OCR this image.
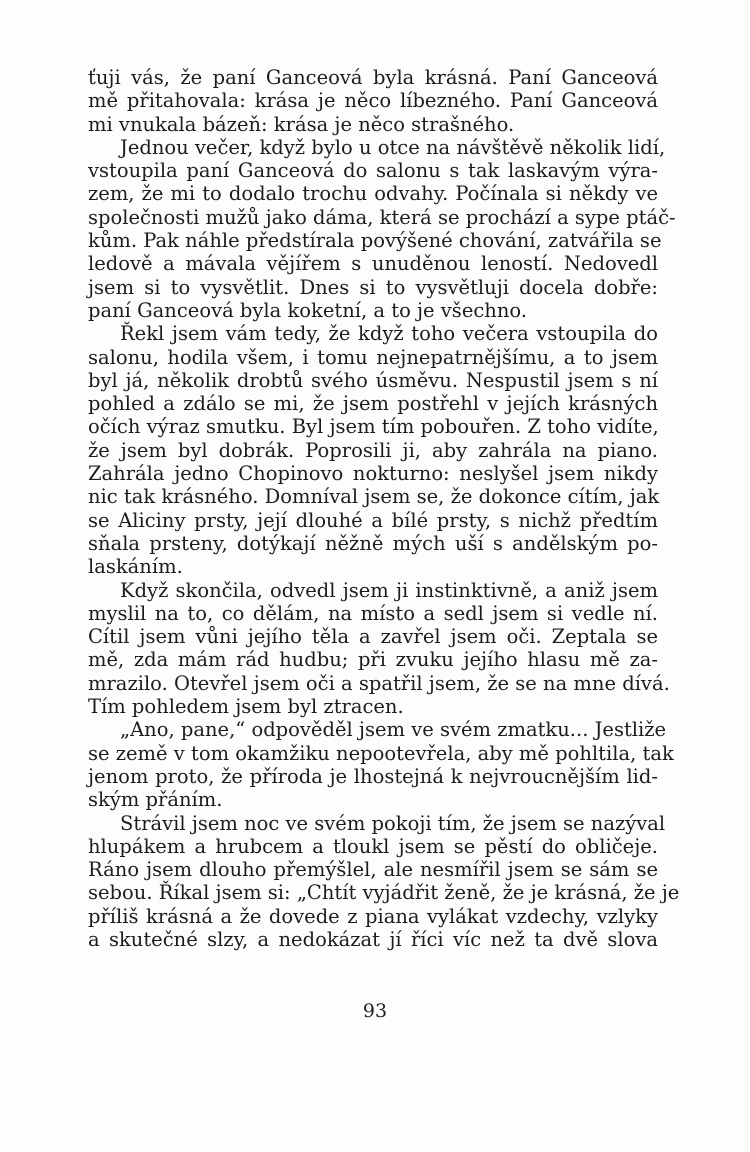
ťuji vás, že paní Ganceová byla krásná. Paní Ganceová
mě přitahovala: krása je něco líbezného. Paní Ganceová
mi vnukala bázeň: krása je něco strašného.
Jednou večer, když bylo u otce na návštěvě několik lidí,
vstoupila paní Ganceová do salonu s tak laskavým výra-
zem, že mi to dodalo trochu odvahy. Počínala si někdy ve
společnosti mužů jako dáma, která se prochází a sype ptáč-
kům. Pak náhle předstírala povýšené chování, zatvářila se
ledově a mávala vějířem s unuděnou leností. Nedovedl
jsem si to vysvětlit. Dnes si to vysvětluji docela dobře:
paní Ganceová byla koketní, a to je všechno.
Řekl jsem vám tedy, že když toho večera vstoupila do
salonu, hodila všem, i tomu nejnepatrnějšímu, a to jsem
byl já, několik drobtů svého úsměvu. Nespustil jsem s ní
pohled a zdálo se mi, že jsem postřehl v jejích krásných
očích výraz smutku. Byl jsem tím pobouřen. Z toho vidíte,
že jsem byl dobrák. Poprosili ji, aby zahrála na piano.
Zahrála jedno Chopinovo nokturno: neslyšel jsem nikdy
nic tak krásného. Domníval jsem se, že dokonce cítím, jak
se Aliciny prsty, její dlouhé a bílé prsty, s nichž předtím
sňala prsteny, dotýkají něžně mých uší s andělským po-
laskáním.
Když skončila, odvedl jsem ji instinktivně, a aniž jsem
myslil na to, co dělám, na místo a sedl jsem si vedle ní.
Cítil jsem vůni jejího těla a zavřel jsem oči. Zeptala se
mě, zda mám rád hudbu; při zvuku jejího hlasu mě za-
mrazilo. Otevřel jsem oči a spatřil jsem, že se na mne dívá.
Tím pohledem jsem byl ztracen.
„Ano, pane,“ odpověděl jsem ve svém zmatku... Jestliže
se země v tom okamžiku nepootevřela, aby mě pohltila, tak
jenom proto, že příroda je lhostejná k nejvroucnějším lid-
ským přáním.
Strávil jsem noc ve svém pokoji tím, že jsem se nazýval
hlupákem a hrubcem a tloukl jsem se pěstí do obličeje.
Ráno jsem dlouho přemýšlel, ale nesmířil jsem se sám se
sebou. Říkal jsem si: „Chtít vyjádřit ženě, že je krásná, že je
příliš krásná a že dovede z piana vylákat vzdechy, vzlyky
a skutečné slzy, a nedokázat jí říci víc než ta dvě slova
93
